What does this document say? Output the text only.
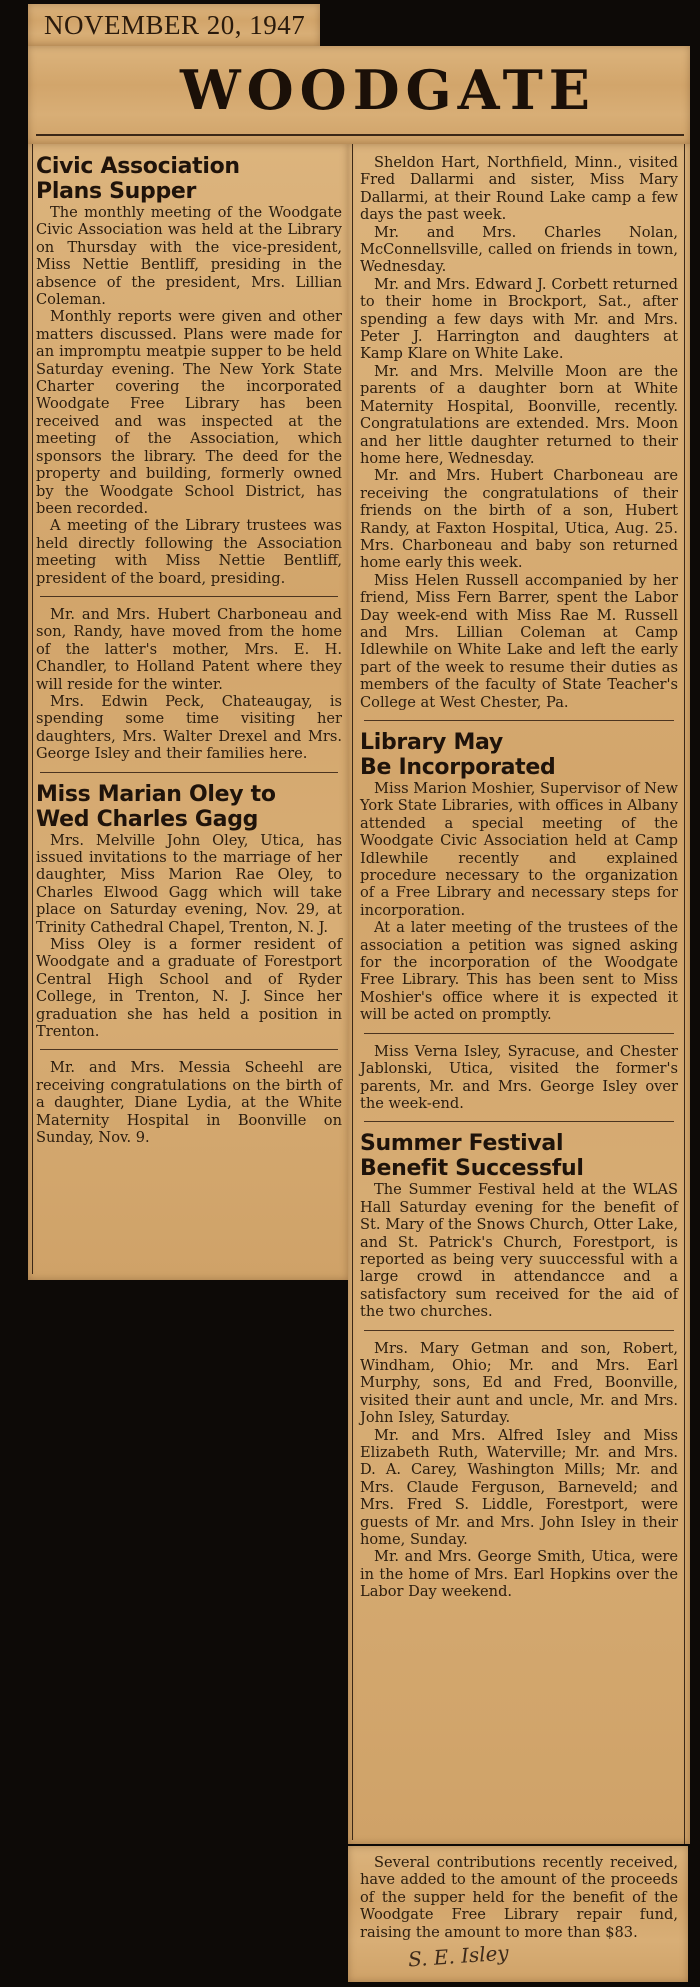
NOVEMBER 20, 1947
WOODGATE
Civic Association
Plans Supper

The monthly meeting of the Woodgate Civic Association was held at the Library on Thursday with the vice-president, Miss Nettie Bentliff, presiding in the absence of the president, Mrs. Lillian Coleman.

Monthly reports were given and other matters discussed. Plans were made for an impromptu meatpie supper to be held Saturday evening. The New York State Charter covering the incorporated Woodgate Free Library has been received and was inspected at the meeting of the Association, which sponsors the library. The deed for the property and building, formerly owned by the Woodgate School District, has been recorded.

A meeting of the Library trustees was held directly following the Association meeting with Miss Nettie Bentliff, president of the board, presiding.

Mr. and Mrs. Hubert Charboneau and son, Randy, have moved from the home of the latter's mother, Mrs. E. H. Chandler, to Holland Patent where they will reside for the winter.

Mrs. Edwin Peck, Chateaugay, is spending some time visiting her daughters, Mrs. Walter Drexel and Mrs. George Isley and their families here.

Miss Marian Oley to
Wed Charles Gagg

Mrs. Melville John Oley, Utica, has issued invitations to the marriage of her daughter, Miss Marion Rae Oley, to Charles Elwood Gagg which will take place on Saturday evening, Nov. 29, at Trinity Cathedral Chapel, Trenton, N. J.

Miss Oley is a former resident of Woodgate and a graduate of Forestport Central High School and of Ryder College, in Trenton, N. J. Since her graduation she has held a position in Trenton.

Mr. and Mrs. Messia Scheehl are receiving congratulations on the birth of a daughter, Diane Lydia, at the White Maternity Hospital in Boonville on Sunday, Nov. 9.

Sheldon Hart, Northfield, Minn., visited Fred Dallarmi and sister, Miss Mary Dallarmi, at their Round Lake camp a few days the past week.

Mr. and Mrs. Charles Nolan, McConnellsville, called on friends in town, Wednesday.

Mr. and Mrs. Edward J. Corbett returned to their home in Brockport, Sat., after spending a few days with Mr. and Mrs. Peter J. Harrington and daughters at Kamp Klare on White Lake.

Mr. and Mrs. Melville Moon are the parents of a daughter born at White Maternity Hospital, Boonville, recently. Congratulations are extended. Mrs. Moon and her little daughter returned to their home here, Wednesday.

Mr. and Mrs. Hubert Charboneau are receiving the congratulations of their friends on the birth of a son, Hubert Randy, at Faxton Hospital, Utica, Aug. 25. Mrs. Charboneau and baby son returned home early this week.

Miss Helen Russell accompanied by her friend, Miss Fern Barrer, spent the Labor Day week-end with Miss Rae M. Russell and Mrs. Lillian Coleman at Camp Idlewhile on White Lake and left the early part of the week to resume their duties as members of the faculty of State Teacher's College at West Chester, Pa.

Library May
Be Incorporated

Miss Marion Moshier, Supervisor of New York State Libraries, with offices in Albany attended a special meeting of the Woodgate Civic Association held at Camp Idlewhile recently and explained procedure necessary to the organization of a Free Library and necessary steps for incorporation.

At a later meeting of the trustees of the association a petition was signed asking for the incorporation of the Woodgate Free Library. This has been sent to Miss Moshier's office where it is expected it will be acted on promptly.

Miss Verna Isley, Syracuse, and Chester Jablonski, Utica, visited the former's parents, Mr. and Mrs. George Isley over the week-end.

Summer Festival
Benefit Successful

The Summer Festival held at the WLAS Hall Saturday evening for the benefit of St. Mary of the Snows Church, Otter Lake, and St. Patrick's Church, Forestport, is reported as being very suuccessful with a large crowd in attendancce and a satisfactory sum received for the aid of the two churches.

Mrs. Mary Getman and son, Robert, Windham, Ohio; Mr. and Mrs. Earl Murphy, sons, Ed and Fred, Boonville, visited their aunt and uncle, Mr. and Mrs. John Isley, Saturday.

Mr. and Mrs. Alfred Isley and Miss Elizabeth Ruth, Waterville; Mr. and Mrs. D. A. Carey, Washington Mills; Mr. and Mrs. Claude Ferguson, Barneveld; and Mrs. Fred S. Liddle, Forestport, were guests of Mr. and Mrs. John Isley in their home, Sunday.

Mr. and Mrs. George Smith, Utica, were in the home of Mrs. Earl Hopkins over the Labor Day weekend.

Several contributions recently received, have added to the amount of the proceeds of the supper held for the benefit of the Woodgate Free Library repair fund, raising the amount to more than $83.

S. E. Isley
